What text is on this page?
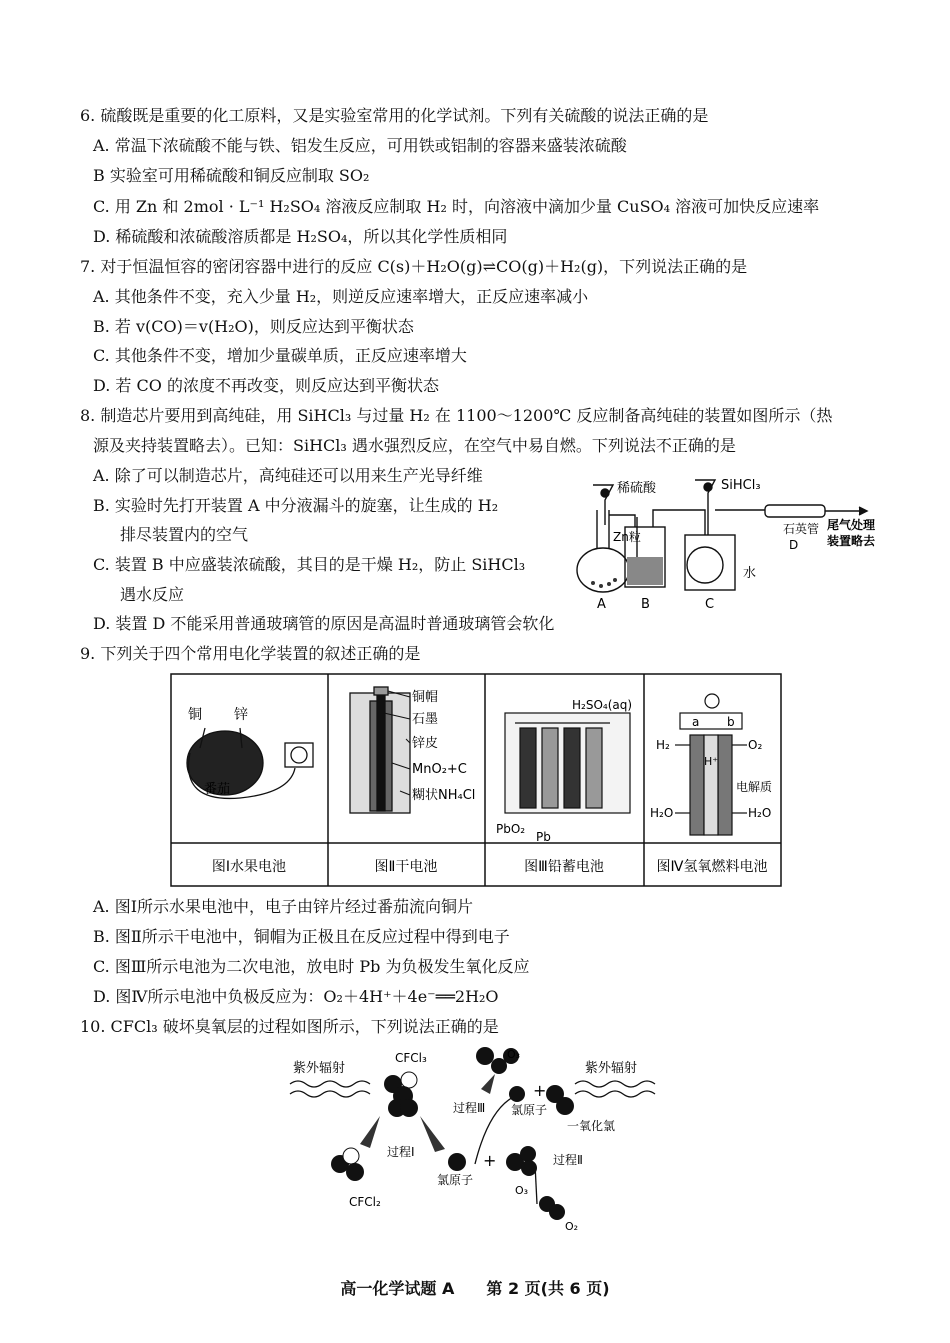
6. 硫酸既是重要的化工原料，又是实验室常用的化学试剂。下列有关硫酸的说法正确的是
A. 常温下浓硫酸不能与铁、铝发生反应，可用铁或铝制的容器来盛装浓硫酸
B 实验室可用稀硫酸和铜反应制取 SO₂
C. 用 Zn 和 2mol · L⁻¹ H₂SO₄ 溶液反应制取 H₂ 时，向溶液中滴加少量 CuSO₄ 溶液可加快反应速率
D. 稀硫酸和浓硫酸溶质都是 H₂SO₄，所以其化学性质相同
7. 对于恒温恒容的密闭容器中进行的反应 C(s)＋H₂O(g)⇌CO(g)＋H₂(g)，下列说法正确的是
A. 其他条件不变，充入少量 H₂，则逆反应速率增大，正反应速率减小
B. 若 v(CO)＝v(H₂O)，则反应达到平衡状态
C. 其他条件不变，增加少量碳单质，正反应速率增大
D. 若 CO 的浓度不再改变，则反应达到平衡状态
8. 制造芯片要用到高纯硅，用 SiHCl₃ 与过量 H₂ 在 1100～1200℃ 反应制备高纯硅的装置如图所示（热
源及夹持装置略去）。已知：SiHCl₃ 遇水强烈反应，在空气中易自燃。下列说法不正确的是
A. 除了可以制造芯片，高纯硅还可以用来生产光导纤维
B. 实验时先打开装置 A 中分液漏斗的旋塞，让生成的 H₂
排尽装置内的空气
C. 装置 B 中应盛装浓硫酸，其目的是干燥 H₂，防止 SiHCl₃
遇水反应
D. 装置 D 不能采用普通玻璃管的原因是高温时普通玻璃管会软化
稀硫酸	SiHCl₃
Zn粒
石英管
D
尾气处理
装置略去
水
A	B	C
9. 下列关于四个常用电化学装置的叙述正确的是
铜 锌
番茄
铜帽
石墨
锌皮
MnO₂+C
糊状NH₄Cl
H₂SO₄(aq)
PbO₂
Pb
a b
H₂	O₂
H⁺
电解质
H₂O	H₂O
图Ⅰ水果电池	图Ⅱ干电池	图Ⅲ铅蓄电池	图Ⅳ氢氧燃料电池
A. 图Ⅰ所示水果电池中，电子由锌片经过番茄流向铜片
B. 图Ⅱ所示干电池中，铜帽为正极且在反应过程中得到电子
C. 图Ⅲ所示电池为二次电池，放电时 Pb 为负极发生氧化反应
D. 图Ⅳ所示电池中负极反应为：O₂＋4H⁺＋4e⁻══2H₂O
10. CFCl₃ 破坏臭氧层的过程如图所示，下列说法正确的是
紫外辐射	紫外辐射
CFCl₃
CFCl₂
过程Ⅰ
过程Ⅱ
过程Ⅲ
氯原子
氯原子
一氧化氯
O₃
O₃
O₂
+
+
高一化学试题 A　　第 2 页(共 6 页)
